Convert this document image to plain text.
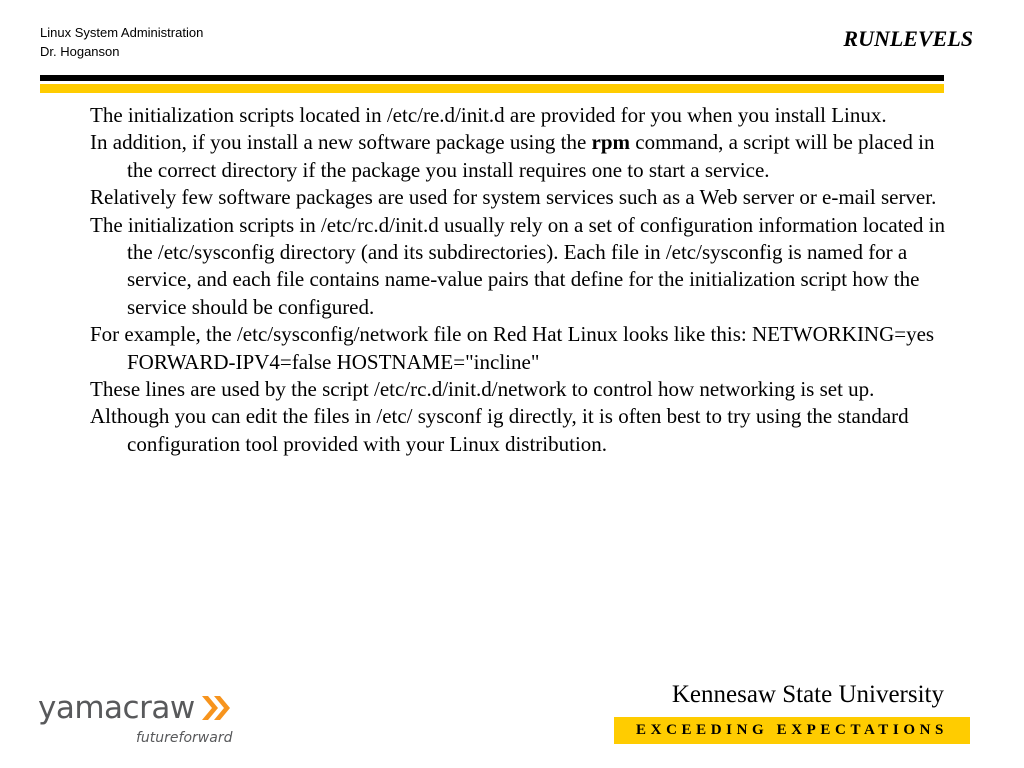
Linux System Administration
Dr. Hoganson
RUNLEVELS

The initialization scripts located in /etc/re.d/init.d are provided for you when you install Linux.

In addition, if you install a new software package using the rpm command, a script will be placed in the correct directory if the package you install requires one to start a service.

Relatively few software packages are used for system services such as a Web server or e-mail server.

The initialization scripts in /etc/rc.d/init.d usually rely on a set of configuration information located in the /etc/sysconfig directory (and its subdirectories). Each file in /etc/sysconfig is named for a service, and each file contains name-value pairs that define for the initialization script how the service should be configured.

For example, the /etc/sysconfig/network file on Red Hat Linux looks like this: NETWORKING=yes FORWARD-IPV4=false HOSTNAME="incline"

These lines are used by the script /etc/rc.d/init.d/network to control how networking is set up.

Although you can edit the files in /etc/ sysconf ig directly, it is often best to try using the standard configuration tool provided with your Linux distribution.

yamacraw
futureforward
Kennesaw State University
EXCEEDING EXPECTATIONS
